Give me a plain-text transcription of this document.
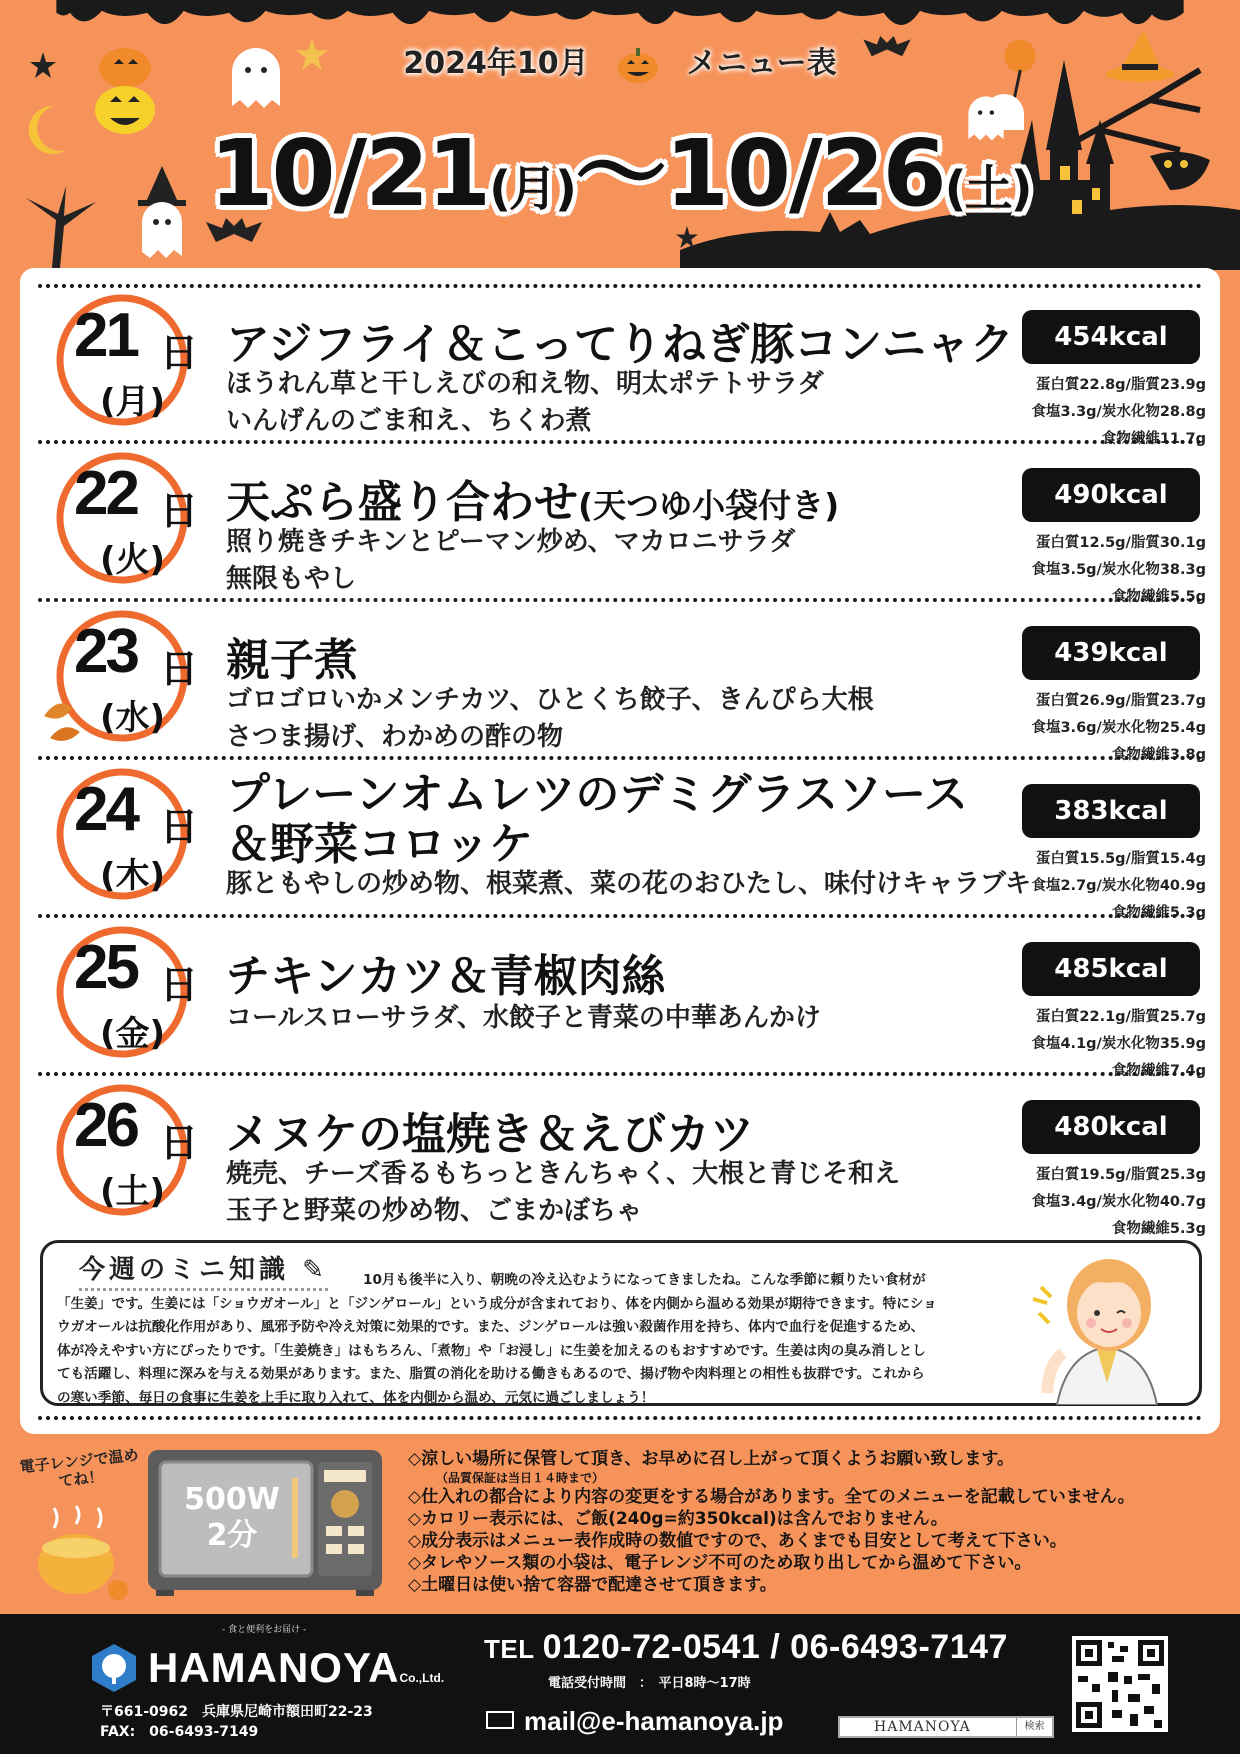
✝ ✝ ✝ ✝ ✝
2024年10月	メニュー表
10/21(月)～10/26(土)
21 日
(月)
アジフライ＆こってりねぎ豚コンニャク
ほうれん草と干しえびの和え物、明太ポテトサラダ
いんげんのごま和え、ちくわ煮
454kcal
蛋白質22.8g/脂質23.9g
食塩3.3g/炭水化物28.8g
食物繊維11.7g
22 日
(火)
天ぷら盛り合わせ(天つゆ小袋付き)
照り焼きチキンとピーマン炒め、マカロニサラダ
無限もやし
490kcal
蛋白質12.5g/脂質30.1g
食塩3.5g/炭水化物38.3g
食物繊維5.5g
23 日
(水)
親子煮
ゴロゴロいかメンチカツ、ひとくち餃子、きんぴら大根
さつま揚げ、わかめの酢の物
439kcal
蛋白質26.9g/脂質23.7g
食塩3.6g/炭水化物25.4g
食物繊維3.8g
24 日
(木)
プレーンオムレツのデミグラスソース
＆野菜コロッケ
豚ともやしの炒め物、根菜煮、菜の花のおひたし、味付けキャラブキ
383kcal
蛋白質15.5g/脂質15.4g
食塩2.7g/炭水化物40.9g
食物繊維5.3g
25 日
(金)
チキンカツ＆青椒肉絲
コールスローサラダ、水餃子と青菜の中華あんかけ
485kcal
蛋白質22.1g/脂質25.7g
食塩4.1g/炭水化物35.9g
食物繊維7.4g
26 日
(土)
メヌケの塩焼き＆えびカツ
焼売、チーズ香るもちっときんちゃく、大根と青じそ和え
玉子と野菜の炒め物、ごまかぼちゃ
480kcal
蛋白質19.5g/脂質25.3g
食塩3.4g/炭水化物40.7g
食物繊維5.3g
今週のミニ知識 ✎	10月も後半に入り、朝晩の冷え込むようになってきましたね。こんな季節に頼りたい食材が「生姜」です。生姜には「ショウガオール」と「ジンゲロール」という成分が含まれており、体を内側から温める効果が期待できます。特にショウガオールは抗酸化作用があり、風邪予防や冷え対策に効果的です。また、ジンゲロールは強い殺菌作用を持ち、体内で血行を促進するため、体が冷えやすい方にぴったりです。「生姜焼き」はもちろん、「煮物」や「お浸し」に生姜を加えるのもおすすめです。生姜は肉の臭み消しとしても活躍し、料理に深みを与える効果があります。また、脂質の消化を助ける働きもあるので、揚げ物や肉料理との相性も抜群です。これからの寒い季節、毎日の食事に生姜を上手に取り入れて、体を内側から温め、元気に過ごしましょう！
電子レンジで温めてね！
500W
2分
◇涼しい場所に保管して頂き、お早めに召し上がって頂くようお願い致します。
（品質保証は当日１４時まで）
◇仕入れの都合により内容の変更をする場合があります。全てのメニューを記載していません。
◇カロリー表示には、ご飯(240g=約350kcal)は含んでおりません。
◇成分表示はメニュー表作成時の数値ですので、あくまでも目安として考えて下さい。
◇タレやソース類の小袋は、電子レンジ不可のため取り出してから温めて下さい。
◇土曜日は使い捨て容器で配達させて頂きます。
- 食と便利をお届け -
HAMANOYACo.,Ltd.
〒661-0962　兵庫県尼崎市額田町22-23
FAX:　06-6493-7149
TEL 0120-72-0541 / 06-6493-7147
電話受付時間　：　平日8時～17時
mail@e-hamanoya.jp	HAMANOYA	検索
